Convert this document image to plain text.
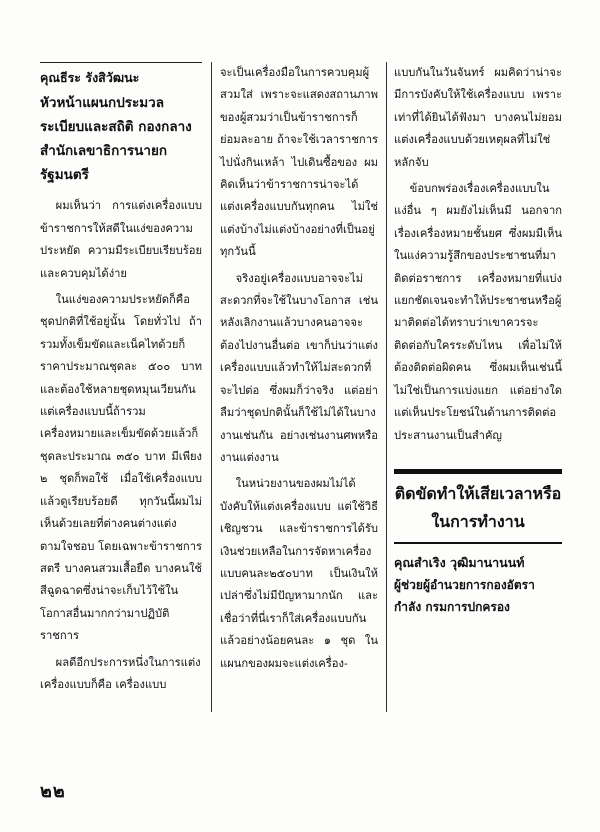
คุณธีระ รังสิวัฒนะ
หัวหน้าแผนกประมวลระเบียบและสถิติ กองกลาง สำนักเลขาธิการนายกรัฐมนตรี

ผมเห็นว่า การแต่งเครื่องแบบข้าราชการให้สดีในแง่ของความประหยัด ความมีระเบียบเรียบร้อย และควบคุมได้ง่าย

ในแง่ของความประหยัดก็คือ ชุดปกติที่ใช้อยู่นั้น โดยทั่วไป ถ้ารวมทั้งเข็มขัดและเน็คไทด้วยก็ราคาประมาณชุดละ ๕๐๐ บาท และต้องใช้หลายชุดหมุนเวียนกัน แต่เครื่องแบบนี้ถ้ารวมเครื่องหมายและเข็มขัดด้วยแล้วก็ชุดละประมาณ ๓๕๐ บาท มีเพียง ๒ ชุดก็พอใช้ เมื่อใช้เครื่องแบบแล้วดูเรียบร้อยดี ทุกวันนี้ผมไม่เห็นด้วยเลยที่ต่างคนต่างแต่งตามใจชอบ โดยเฉพาะข้าราชการสตรี บางคนสวมเสื้อยืด บางคนใช้สีฉูดฉาดซึ่งน่าจะเก็บไว้ใช้ในโอกาสอื่นมากกว่ามาปฏิบัติราชการ

ผลดีอีกประการหนึ่งในการแต่งเครื่องแบบก็คือ เครื่องแบบ

จะเป็นเครื่องมือในการควบคุมผู้สวมใส่ เพราะจะแสดงสถานภาพของผู้สวมว่าเป็นข้าราชการก็ย่อมละอาย ถ้าจะใช้เวลาราชการไปนั่งกินเหล้า ไปเดินซื้อของ ผมคิดเห็นว่าข้าราชการน่าจะได้แต่งเครื่องแบบกันทุกคน ไม่ใช่แต่งบ้างไม่แต่งบ้างอย่างที่เป็นอยู่ทุกวันนี้

จริงอยู่เครื่องแบบอาจจะไม่สะดวกที่จะใช้ในบางโอกาส เช่นหลังเลิกงานแล้วบางคนอาจจะต้องไปงานอื่นต่อ เขาก็บ่นว่าแต่งเครื่องแบบแล้วทำให้ไม่สะดวกที่จะไปต่อ ซึ่งผมก็ว่าจริง แต่อย่าลืมว่าชุดปกตินั้นก็ใช้ไม่ได้ในบางงานเช่นกัน อย่างเช่นงานศพหรืองานแต่งงาน

ในหน่วยงานของผมไม่ได้บังคับให้แต่งเครื่องแบบ แต่ใช้วิธีเชิญชวน และข้าราชการได้รับเงินช่วยเหลือในการจัดหาเครื่องแบบคนละ๒๕๐บาท เป็นเงินให้เปล่าซึ่งไม่มีปัญหามากนัก และเชื่อว่าที่นี่เราก็ใส่เครื่องแบบกันแล้วอย่างน้อยคนละ ๑ ชุด ในแผนกของผมจะแต่งเครื่อง-

แบบกันในวันจันทร์ ผมคิดว่าน่าจะมีการบังคับให้ใช้เครื่องแบบ เพราะเท่าที่ได้ยินได้ฟังมา บางคนไม่ยอมแต่งเครื่องแบบด้วยเหตุผลที่ไม่ใช่หลักจับ

ข้อบกพร่องเรื่องเครื่องแบบในแง่อื่น ๆ ผมยังไม่เห็นมี นอกจากเรื่องเครื่องหมายชั้นยศ ซึ่งผมมีเห็นในแง่ความรู้สึกของประชาชนที่มาติดต่อราชการ เครื่องหมายที่แบ่งแยกชัดเจนจะทำให้ประชาชนหรือผู้มาติดต่อได้ทราบว่าเขาควรจะติดต่อกับใครระดับไหน เพื่อไม่ให้ต้องติดต่อผิดคน ซึ่งผมเห็นเช่นนี้ไม่ใช่เป็นการแบ่งแยก แต่อย่างใด แต่เห็นประโยชน์ในด้านการติดต่อประสานงานเป็นสำคัญ

ติดขัดทำให้เสียเวลาหรือ
ในการทำงาน
คุณสำเริง วุฒิมานานนท์
ผู้ช่วยผู้อำนวยการกองอัตรา
กำลัง กรมการปกครอง
๒๒
